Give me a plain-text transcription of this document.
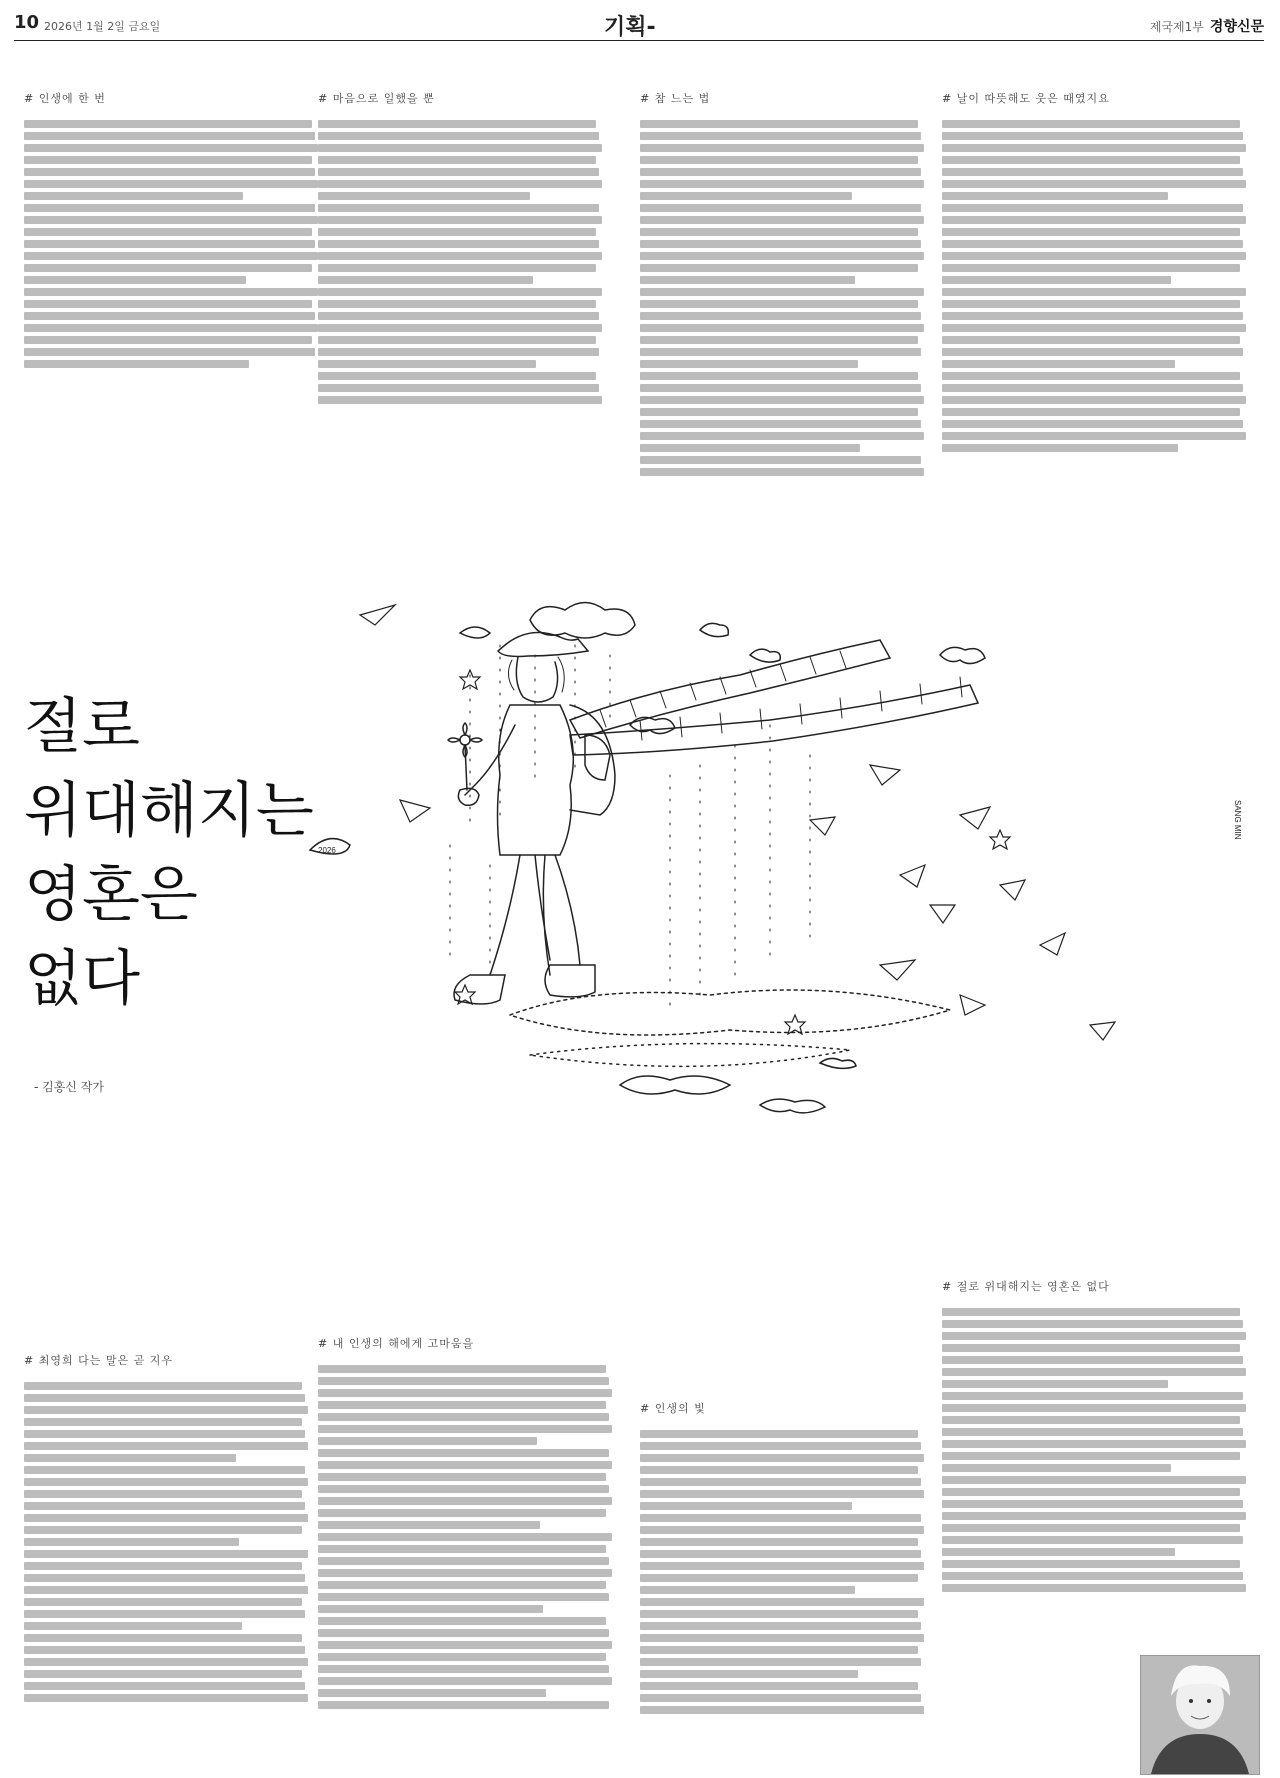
10 2026년 1월 2일 금요일	기획-	제국제1부 경향신문
# 인생에 한 번	# 마음으로 일했을 뿐	# 참 느는 법	# 날이 따뜻해도 웃은 때였지요
절로
위대해지는
영혼은
없다
- 김홍신 작가
2026
SANG MIN
# 최영희 다는 말은 곧 지우
# 내 인생의 해에게 고마움을
# 인생의 빛
# 절로 위대해지는 영혼은 없다
